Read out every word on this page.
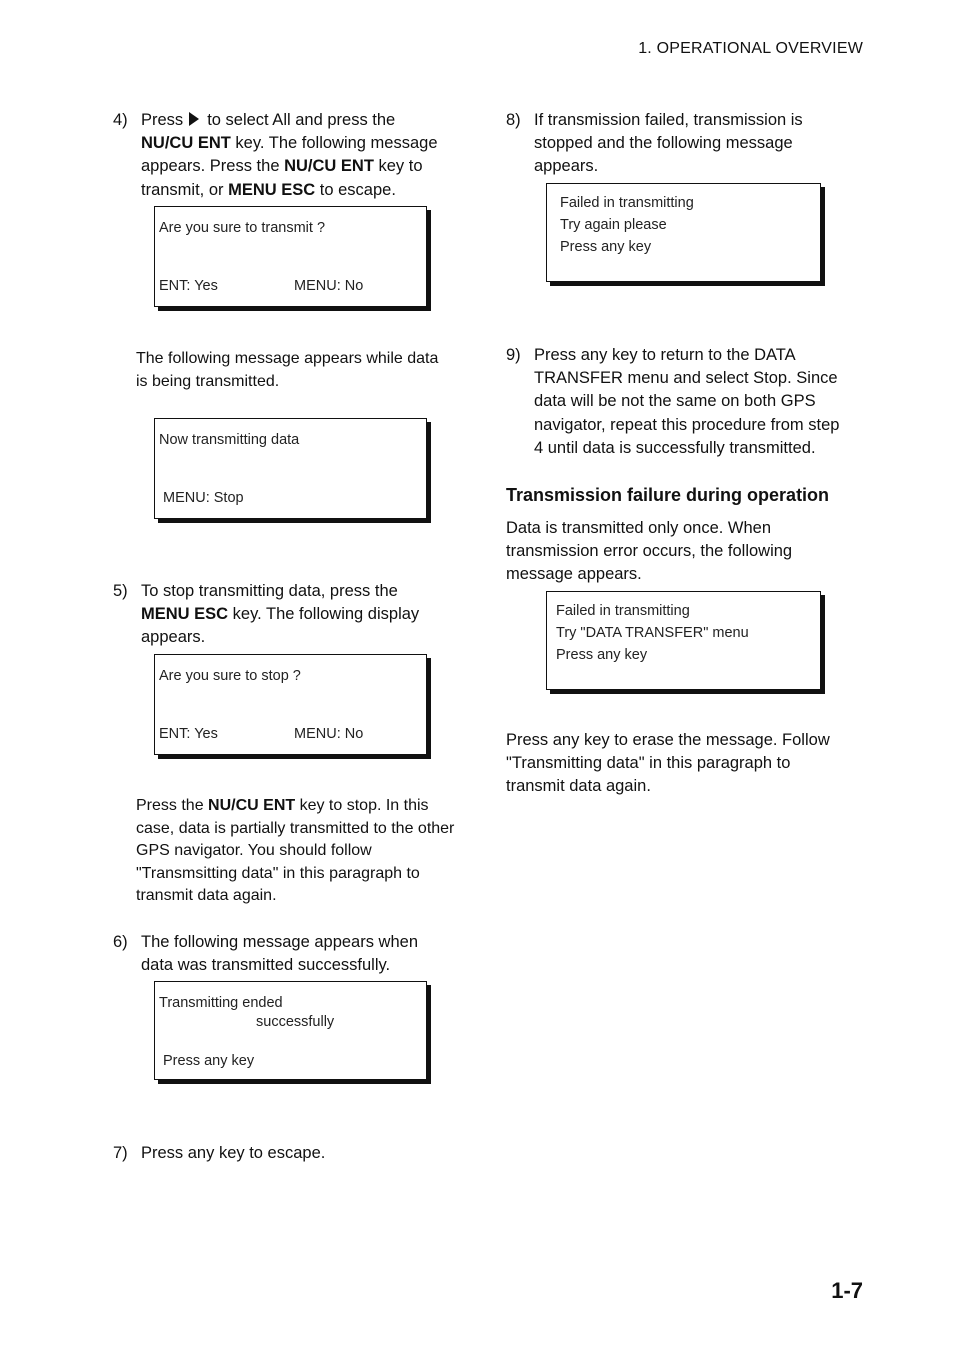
1. OPERATIONAL OVERVIEW
4) Press to select All and press the
NU/CU ENT key. The following message
appears. Press the NU/CU ENT key to
transmit, or MENU ESC to escape.
Are you sure to transmit ?
ENT: Yes	MENU: No
The following message appears while data
is being transmitted.
Now transmitting data
MENU: Stop
5) To stop transmitting data, press the
MENU ESC key. The following display
appears.
Are you sure to stop ?
ENT: Yes	MENU: No
Press the NU/CU ENT key to stop. In this
case, data is partially transmitted to the other
GPS navigator. You should follow
"Transmsitting data" in this paragraph to
transmit data again.
6) The following message appears when
data was transmitted successfully.
Transmitting ended
successfully
Press any key
7) Press any key to escape.
8) If transmission failed, transmission is
stopped and the following message
appears.
Failed in transmitting
Try again please
Press any key
9) Press any key to return to the DATA
TRANSFER menu and select Stop. Since
data will be not the same on both GPS
navigator, repeat this procedure from step
4 until data is successfully transmitted.
Transmission failure during operation
Data is transmitted only once. When
transmission error occurs, the following
message appears.
Failed in transmitting
Try "DATA TRANSFER" menu
Press any key
Press any key to erase the message. Follow
"Transmitting data" in this paragraph to
transmit data again.
1-7
